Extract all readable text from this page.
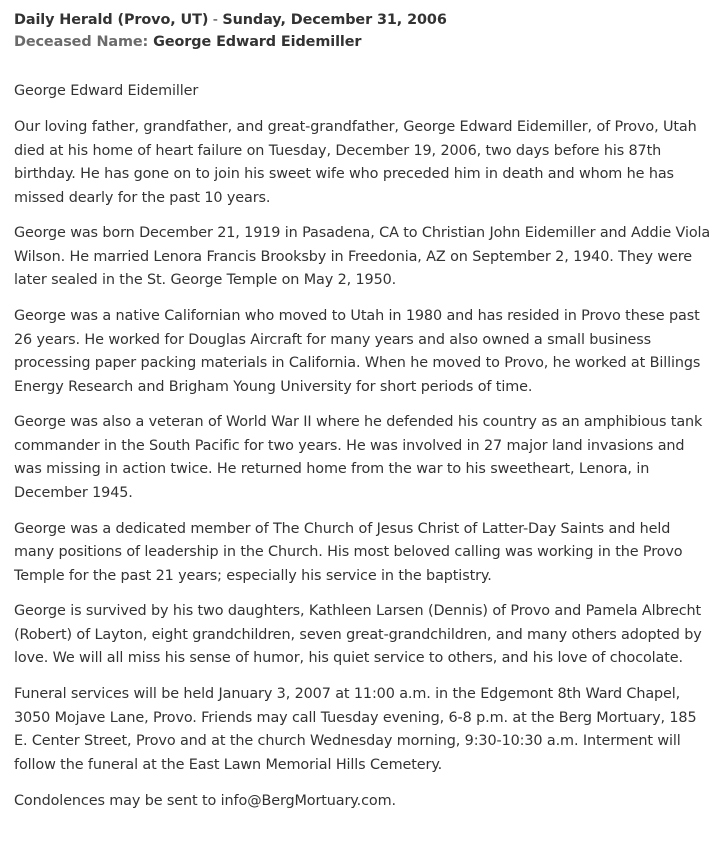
Daily Herald (Provo, UT) - Sunday, December 31, 2006
Deceased Name: George Edward Eidemiller

George Edward Eidemiller

Our loving father, grandfather, and great-grandfather, George Edward Eidemiller, of Provo, Utah
died at his home of heart failure on Tuesday, December 19, 2006, two days before his 87th
birthday. He has gone on to join his sweet wife who preceded him in death and whom he has
missed dearly for the past 10 years.

George was born December 21, 1919 in Pasadena, CA to Christian John Eidemiller and Addie Viola
Wilson. He married Lenora Francis Brooksby in Freedonia, AZ on September 2, 1940. They were
later sealed in the St. George Temple on May 2, 1950.

George was a native Californian who moved to Utah in 1980 and has resided in Provo these past
26 years. He worked for Douglas Aircraft for many years and also owned a small business
processing paper packing materials in California. When he moved to Provo, he worked at Billings
Energy Research and Brigham Young University for short periods of time.

George was also a veteran of World War II where he defended his country as an amphibious tank
commander in the South Pacific for two years. He was involved in 27 major land invasions and
was missing in action twice. He returned home from the war to his sweetheart, Lenora, in
December 1945.

George was a dedicated member of The Church of Jesus Christ of Latter-Day Saints and held
many positions of leadership in the Church. His most beloved calling was working in the Provo
Temple for the past 21 years; especially his service in the baptistry.

George is survived by his two daughters, Kathleen Larsen (Dennis) of Provo and Pamela Albrecht
(Robert) of Layton, eight grandchildren, seven great-grandchildren, and many others adopted by
love. We will all miss his sense of humor, his quiet service to others, and his love of chocolate.

Funeral services will be held January 3, 2007 at 11:00 a.m. in the Edgemont 8th Ward Chapel,
3050 Mojave Lane, Provo. Friends may call Tuesday evening, 6-8 p.m. at the Berg Mortuary, 185
E. Center Street, Provo and at the church Wednesday morning, 9:30-10:30 a.m. Interment will
follow the funeral at the East Lawn Memorial Hills Cemetery.

Condolences may be sent to info@BergMortuary.com.
